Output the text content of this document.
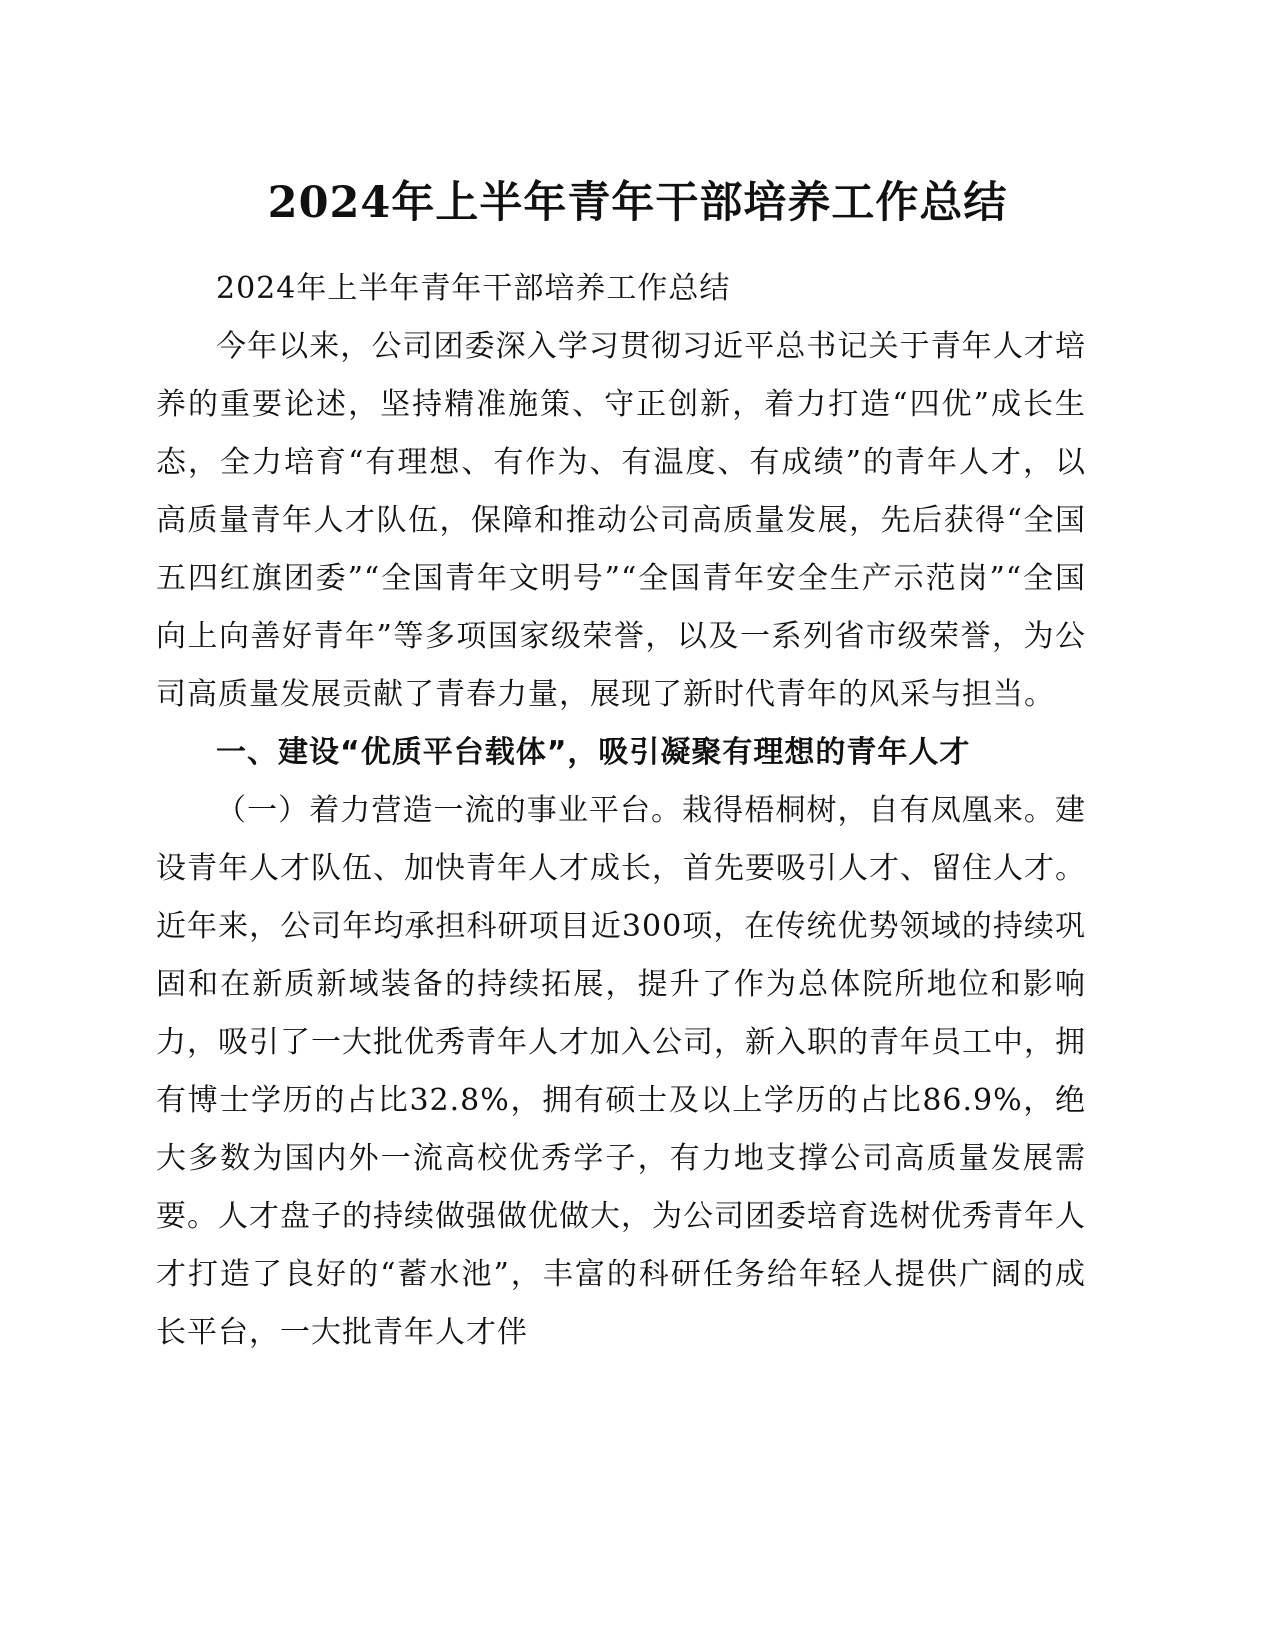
2024年上半年青年干部培养工作总结

2024年上半年青年干部培养工作总结

今年以来，公司团委深入学习贯彻习近平总书记关于青年人才培养的重要论述，坚持精准施策、守正创新，着力打造“四优”成长生态，全力培育“有理想、有作为、有温度、有成绩”的青年人才，以高质量青年人才队伍，保障和推动公司高质量发展，先后获得“全国五四红旗团委”“全国青年文明号”“全国青年安全生产示范岗”“全国向上向善好青年”等多项国家级荣誉，以及一系列省市级荣誉，为公司高质量发展贡献了青春力量，展现了新时代青年的风采与担当。

一、建设“优质平台载体”，吸引凝聚有理想的青年人才

（一）着力营造一流的事业平台。栽得梧桐树，自有凤凰来。建设青年人才队伍、加快青年人才成长，首先要吸引人才、留住人才。近年来，公司年均承担科研项目近300项，在传统优势领域的持续巩固和在新质新域装备的持续拓展，提升了作为总体院所地位和影响力，吸引了一大批优秀青年人才加入公司，新入职的青年员工中，拥有博士学历的占比32.8%，拥有硕士及以上学历的占比86.9%，绝大多数为国内外一流高校优秀学子，有力地支撑公司高质量发展需要。人才盘子的持续做强做优做大，为公司团委培育选树优秀青年人才打造了良好的“蓄水池”，丰富的科研任务给年轻人提供广阔的成长平台，一大批青年人才伴
